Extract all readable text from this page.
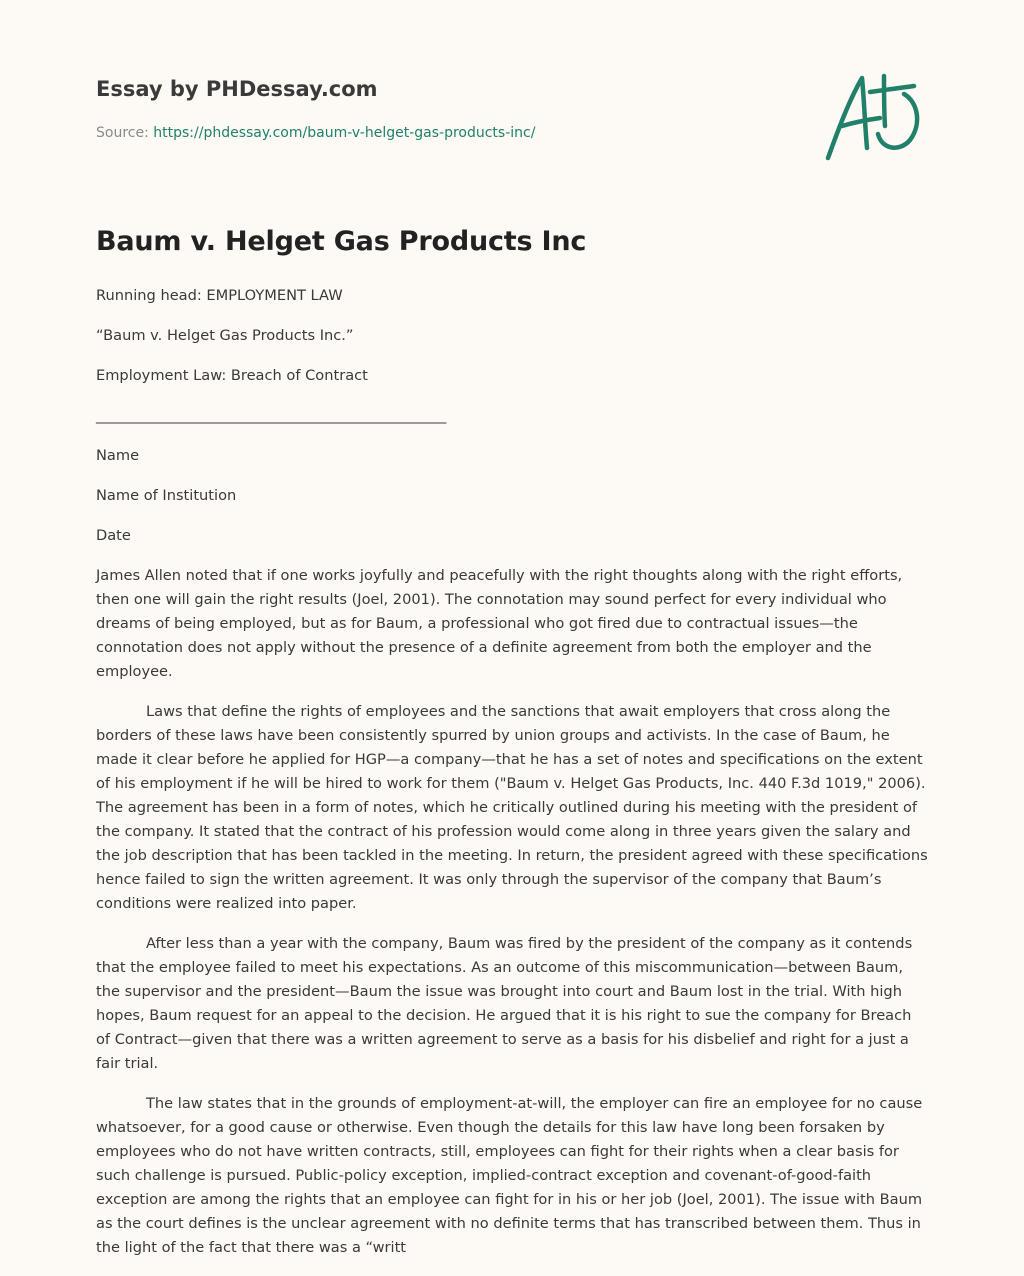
Essay by PHDessay.com
Source: https://phdessay.com/baum-v-helget-gas-products-inc/
Baum v. Helget Gas Products Inc

Running head: EMPLOYMENT LAW

“Baum v. Helget Gas Products Inc.”

Employment Law: Breach of Contract

________________________________________________

Name

Name of Institution

Date

James Allen noted that if one works joyfully and peacefully with the right thoughts along with the right efforts, then one will gain the right results (Joel, 2001). The connotation may sound perfect for every individual who dreams of being employed, but as for Baum, a professional who got fired due to contractual issues—the connotation does not apply without the presence of a definite agreement from both the employer and the employee.

Laws that define the rights of employees and the sanctions that await employers that cross along the borders of these laws have been consistently spurred by union groups and activists. In the case of Baum, he made it clear before he applied for HGP—a company—that he has a set of notes and specifications on the extent of his employment if he will be hired to work for them ("Baum v. Helget Gas Products, Inc. 440 F.3d 1019," 2006). The agreement has been in a form of notes, which he critically outlined during his meeting with the president of the company. It stated that the contract of his profession would come along in three years given the salary and the job description that has been tackled in the meeting. In return, the president agreed with these specifications hence failed to sign the written agreement. It was only through the supervisor of the company that Baum’s conditions were realized into paper.

After less than a year with the company, Baum was fired by the president of the company as it contends that the employee failed to meet his expectations. As an outcome of this miscommunication—between Baum, the supervisor and the president—Baum the issue was brought into court and Baum lost in the trial. With high hopes, Baum request for an appeal to the decision. He argued that it is his right to sue the company for Breach of Contract—given that there was a written agreement to serve as a basis for his disbelief and right for a just a fair trial.

The law states that in the grounds of employment-at-will, the employer can fire an employee for no cause whatsoever, for a good cause or otherwise. Even though the details for this law have long been forsaken by employees who do not have written contracts, still, employees can fight for their rights when a clear basis for such challenge is pursued. Public-policy exception, implied-contract exception and covenant-of-good-faith exception are among the rights that an employee can fight for in his or her job (Joel, 2001). The issue with Baum as the court defines is the unclear agreement with no definite terms that has transcribed between them. Thus in the light of the fact that there was a “writt
